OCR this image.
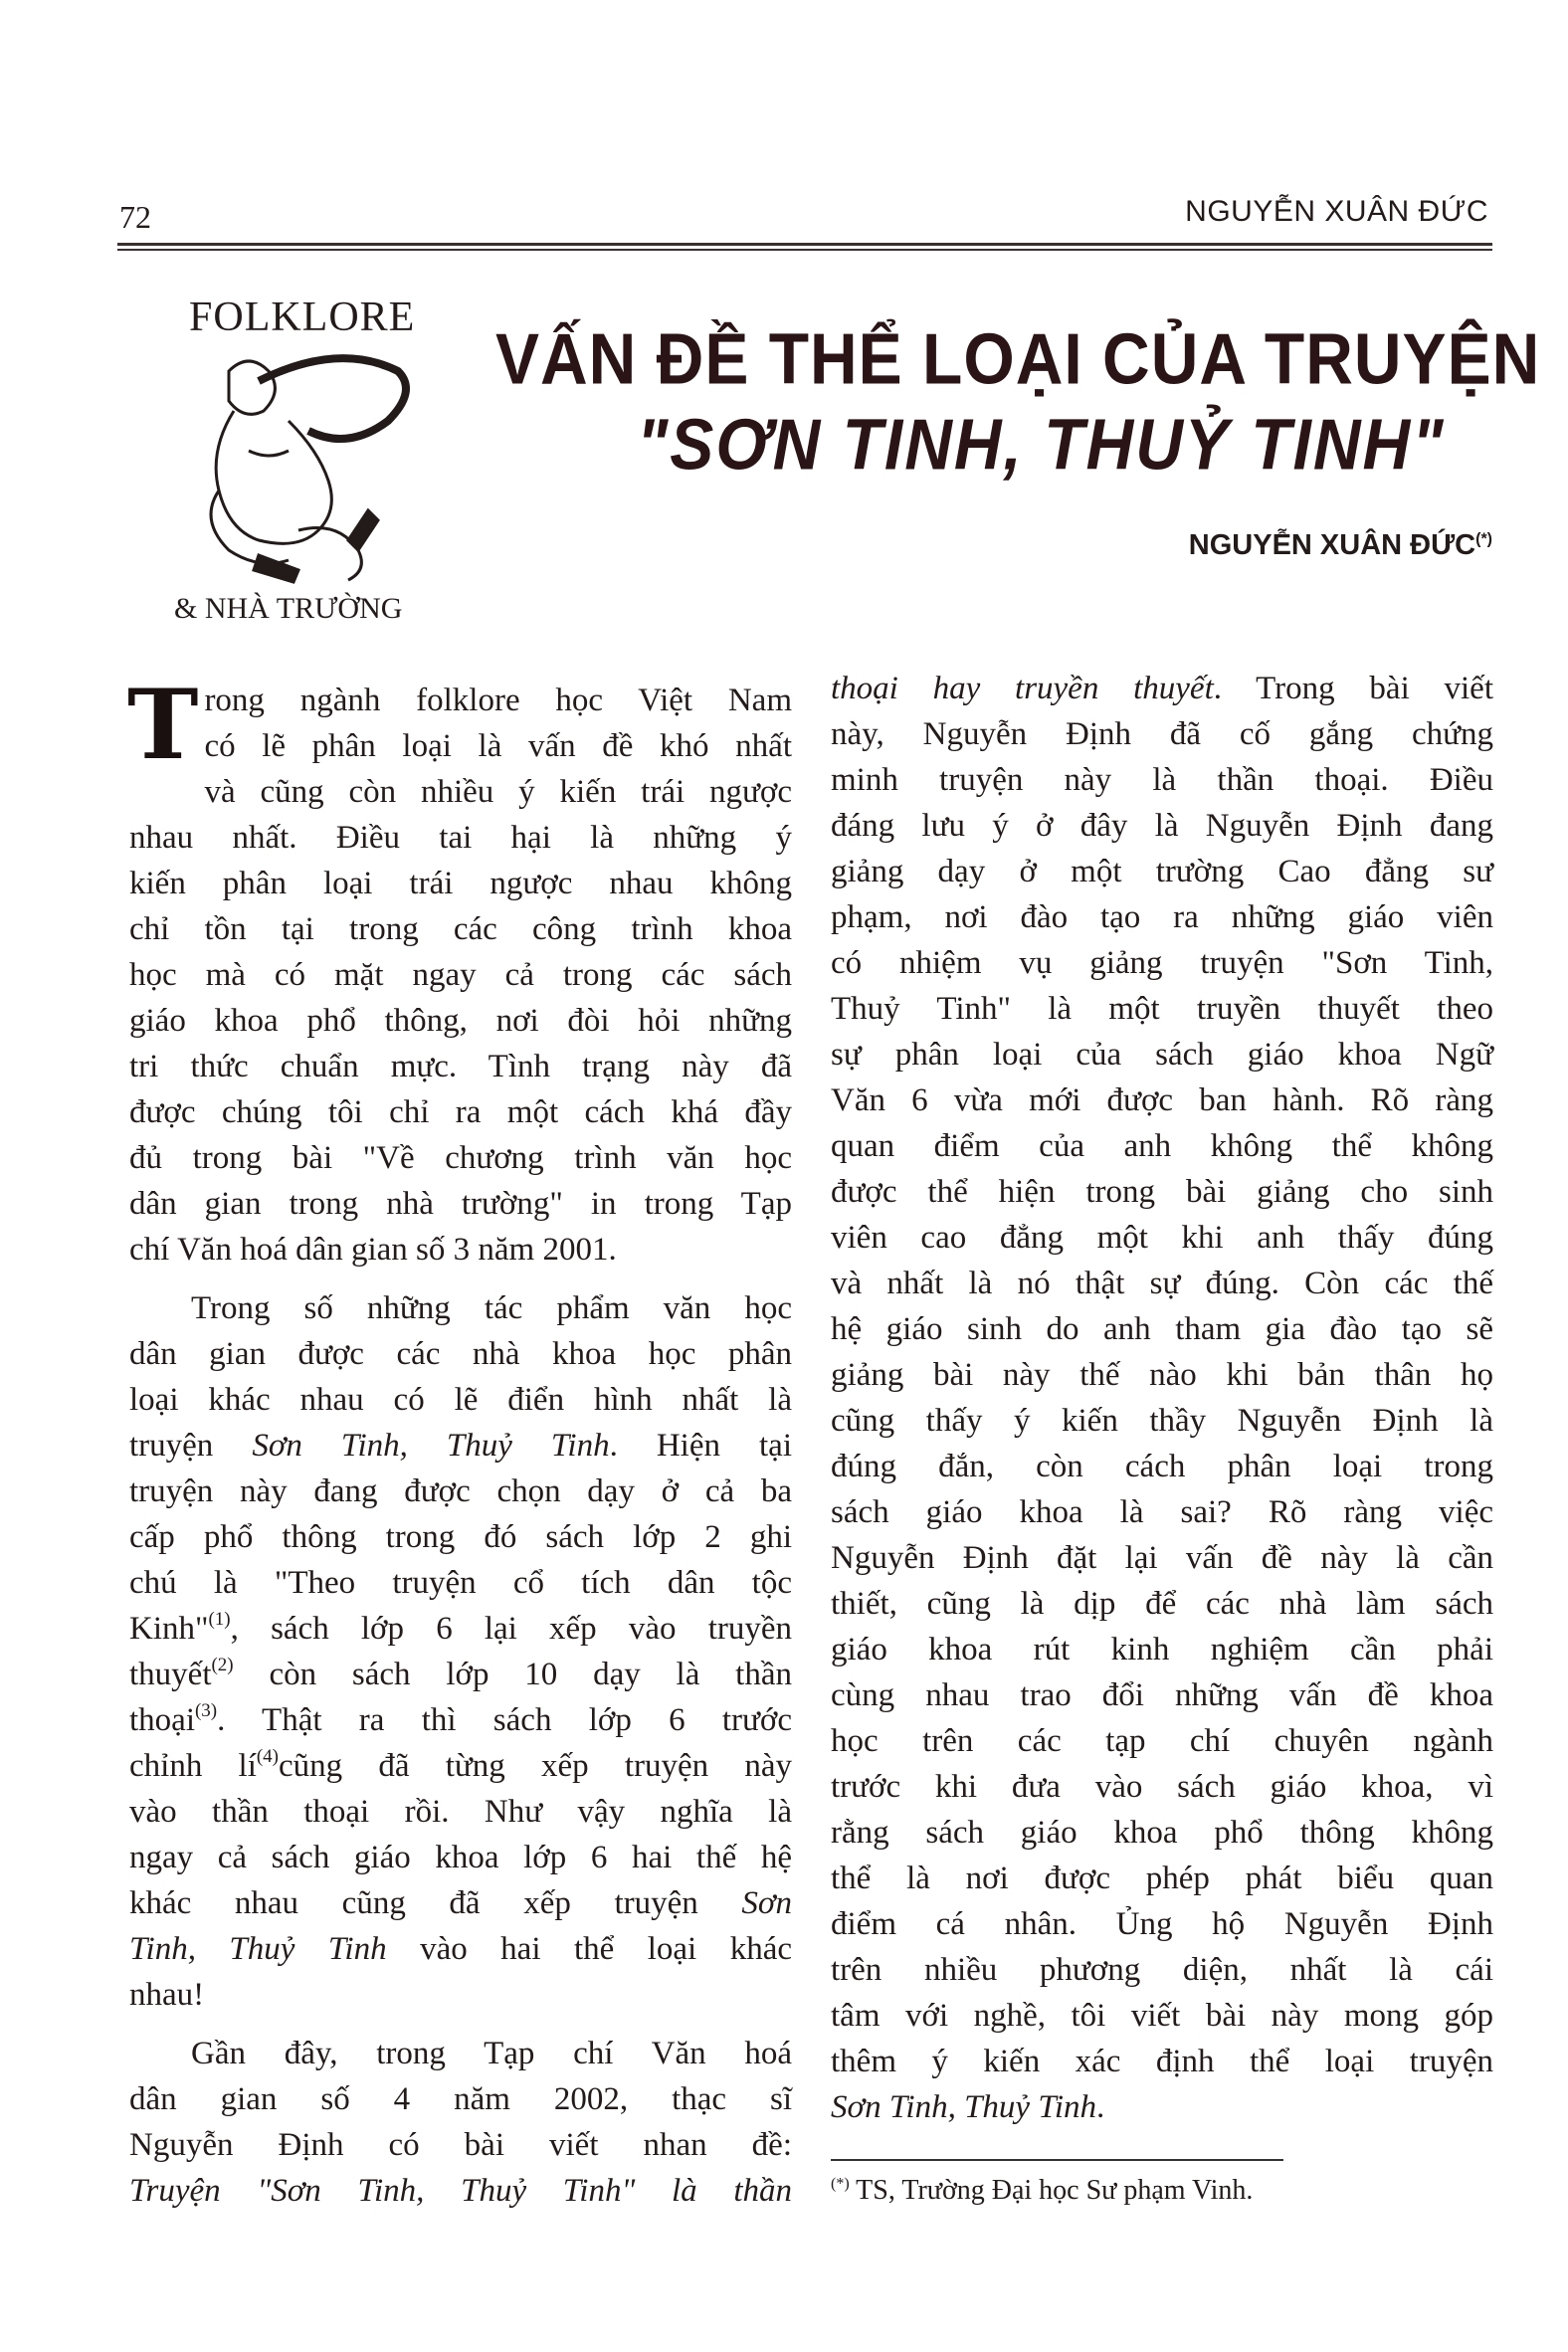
72	NGUYỄN XUÂN ĐỨC
FOLKLORE
& NHÀ TRƯỜNG
VẤN ĐỀ THỂ LOẠI CỦA TRUYỆN
"SƠN TINH, THUỶ TINH"
NGUYỄN XUÂN ĐỨC(*)
T rong ngành folklore học Việt Nam
có lẽ phân loại là vấn đề khó nhất
và cũng còn nhiều ý kiến trái ngược
nhau nhất. Điều tai hại là những ý
kiến phân loại trái ngược nhau không
chỉ tồn tại trong các công trình khoa
học mà có mặt ngay cả trong các sách
giáo khoa phổ thông, nơi đòi hỏi những
tri thức chuẩn mực. Tình trạng này đã
được chúng tôi chỉ ra một cách khá đầy
đủ trong bài "Về chương trình văn học
dân gian trong nhà trường" in trong Tạp
chí Văn hoá dân gian số 3 năm 2001.
Trong số những tác phẩm văn học
dân gian được các nhà khoa học phân
loại khác nhau có lẽ điển hình nhất là
truyện Sơn Tinh, Thuỷ Tinh. Hiện tại
truyện này đang được chọn dạy ở cả ba
cấp phổ thông trong đó sách lớp 2 ghi
chú là "Theo truyện cổ tích dân tộc
Kinh"$^{(1)}$, sách lớp 6 lại xếp vào truyền
thuyết$^{(2)}$ còn sách lớp 10 dạy là thần
thoại$^{(3)}$. Thật ra thì sách lớp 6 trước
chỉnh $lí^{(4)}cũng$ đã từng xếp truyện này
vào thần thoại rồi. Như vậy nghĩa là
ngay cả sách giáo khoa lớp 6 hai thế hệ
khác nhau cũng đã xếp truyện Sơn
Tinh, Thuỷ Tinh vào hai thể loại khác
nhau!
Gần đây, trong Tạp chí Văn hoá
dân gian số 4 năm 2002, thạc sĩ
Nguyễn Định có bài viết nhan đề:
Truyện "Sơn Tinh, Thuỷ Tinh" là thần
thoại hay truyền thuyết. Trong bài viết
này, Nguyễn Định đã cố gắng chứng
minh truyện này là thần thoại. Điều
đáng lưu ý ở đây là Nguyễn Định đang
giảng dạy ở một trường Cao đẳng sư
phạm, nơi đào tạo ra những giáo viên
có nhiệm vụ giảng truyện "Sơn Tinh,
Thuỷ Tinh" là một truyền thuyết theo
sự phân loại của sách giáo khoa Ngữ
Văn 6 vừa mới được ban hành. Rõ ràng
quan điểm của anh không thể không
được thể hiện trong bài giảng cho sinh
viên cao đẳng một khi anh thấy đúng
và nhất là nó thật sự đúng. Còn các thế
hệ giáo sinh do anh tham gia đào tạo sẽ
giảng bài này thế nào khi bản thân họ
cũng thấy ý kiến thầy Nguyễn Định là
đúng đắn, còn cách phân loại trong
sách giáo khoa là sai? Rõ ràng việc
Nguyễn Định đặt lại vấn đề này là cần
thiết, cũng là dịp để các nhà làm sách
giáo khoa rút kinh nghiệm cần phải
cùng nhau trao đổi những vấn đề khoa
học trên các tạp chí chuyên ngành
trước khi đưa vào sách giáo khoa, vì
rằng sách giáo khoa phổ thông không
thể là nơi được phép phát biểu quan
điểm cá nhân. Ủng hộ Nguyễn Định
trên nhiều phương diện, nhất là cái
tâm với nghề, tôi viết bài này mong góp
thêm ý kiến xác định thể loại truyện
Sơn Tinh, Thuỷ Tinh.
(*) TS, Trường Đại học Sư phạm Vinh.
